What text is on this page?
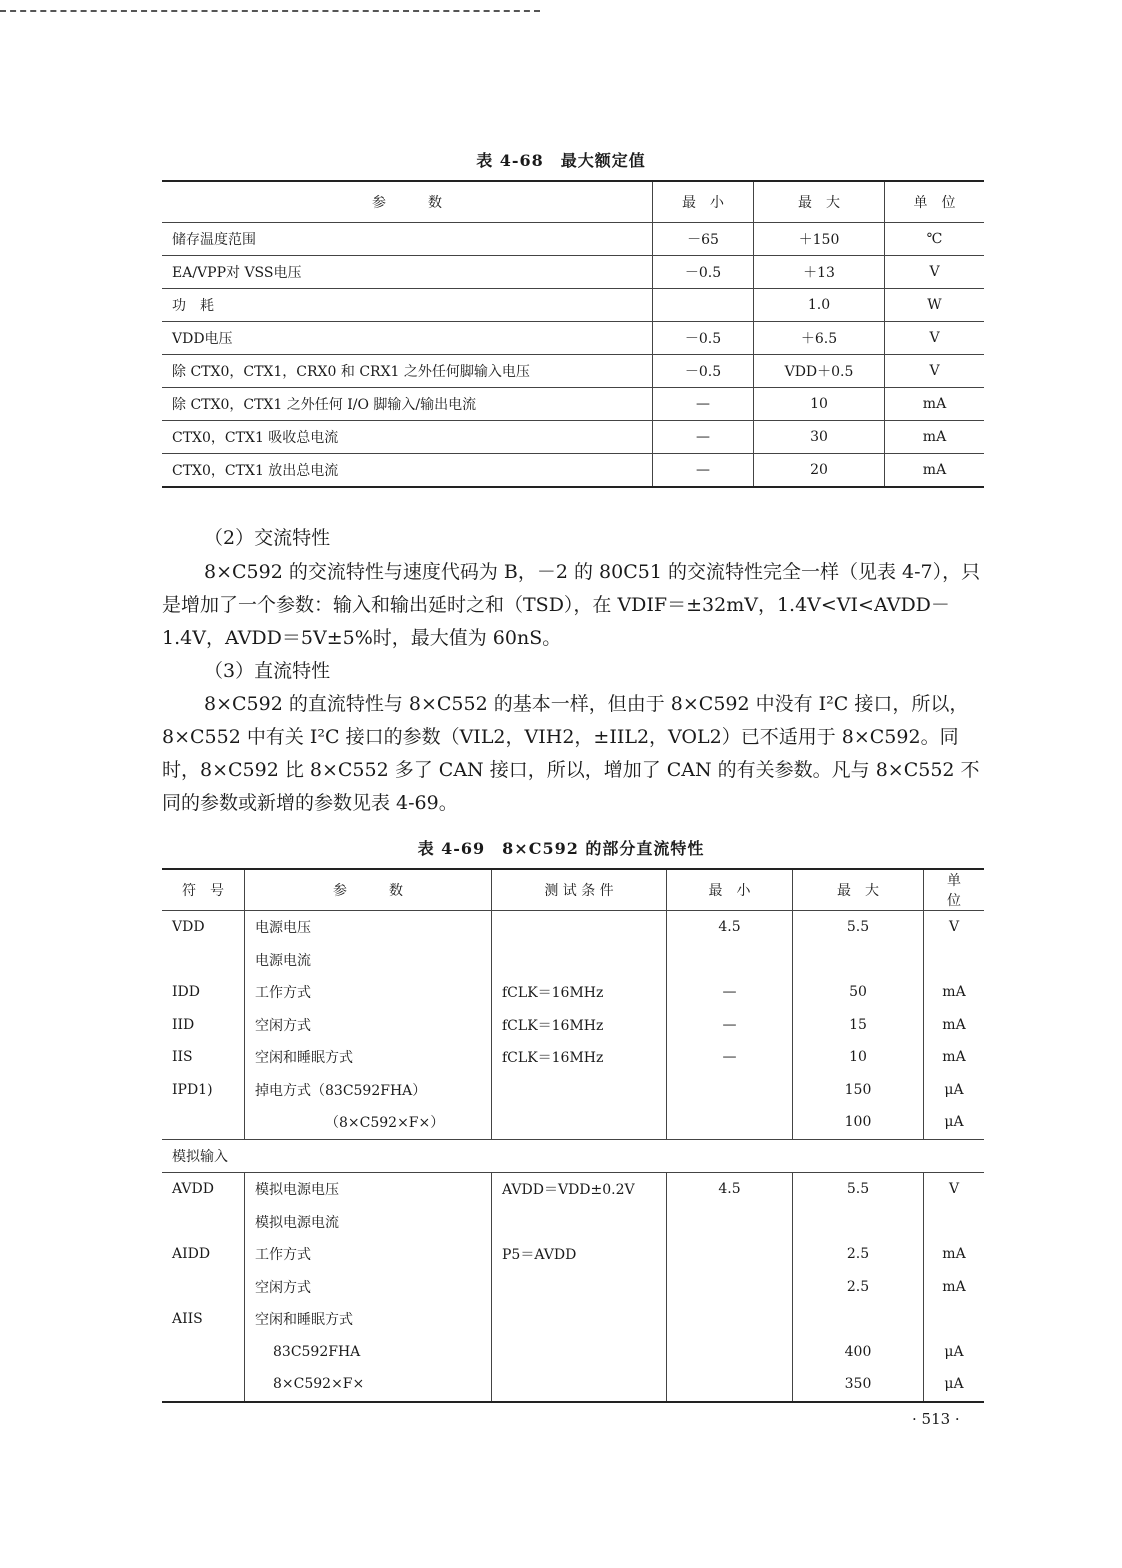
表 4-68　最大额定值
参　　　数	最　小	最　大	单　位
储存温度范围	－65	＋150	℃
EA/VPP对 VSS电压	－0.5	＋13	V
功　耗		1.0	W
VDD电压	－0.5	＋6.5	V
除 CTX0，CTX1，CRX0 和 CRX1 之外任何脚输入电压	－0.5	VDD＋0.5	V
除 CTX0，CTX1 之外任何 I/O 脚输入/输出电流	—	10	mA
CTX0，CTX1 吸收总电流	—	30	mA
CTX0，CTX1 放出总电流	—	20	mA
（2）交流特性
8×C592 的交流特性与速度代码为 B，－2 的 80C51 的交流特性完全一样（见表 4-7），只是增加了一个参数：输入和输出延时之和（TSD），在 VDIF＝±32mV，1.4V<VI<AVDD－1.4V，AVDD＝5V±5%时，最大值为 60nS。
（3）直流特性
8×C592 的直流特性与 8×C552 的基本一样，但由于 8×C592 中没有 I²C 接口，所以，8×C552 中有关 I²C 接口的参数（VIL2，VIH2，±IIL2，VOL2）已不适用于 8×C592。同时，8×C592 比 8×C552 多了 CAN 接口，所以，增加了 CAN 的有关参数。凡与 8×C552 不同的参数或新增的参数见表 4-69。
表 4-69　8×C592 的部分直流特性
符　号	参　　　数	测 试 条 件	最　小	最　大	单　位
VDD	电源电压		4.5	5.5	V
	电源电流				
IDD	工作方式	fCLK＝16MHz	—	50	mA
IID	空闲方式	fCLK＝16MHz	—	15	mA
IIS	空闲和睡眠方式	fCLK＝16MHz	—	10	mA
IPD1)	掉电方式（83C592FHA）			150	μA
	（8×C592×F×）			100	μA
模拟输入					
AVDD	模拟电源电压	AVDD＝VDD±0.2V	4.5	5.5	V
	模拟电源电流				
AIDD	工作方式	P5＝AVDD		2.5	mA
	空闲方式			2.5	mA
AIIS	空闲和睡眠方式				
	83C592FHA			400	μA
	8×C592×F×			350	μA
· 513 ·
